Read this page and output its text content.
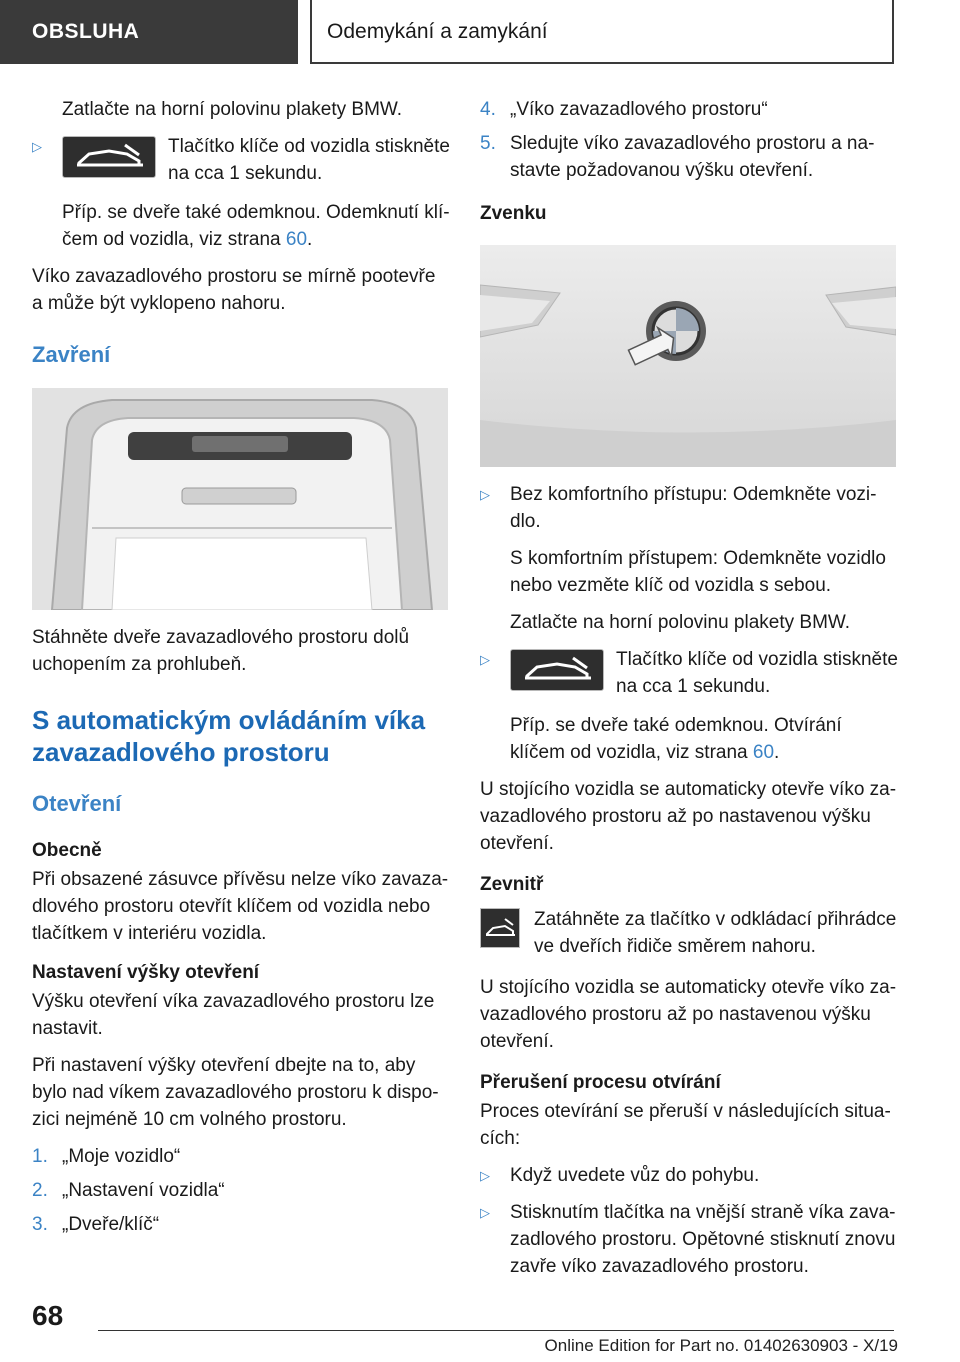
OBSLUHA	Odemykání a zamykání

Zatlačte na horní polovinu plakety BMW.

▷	Tlačítko klíče od vozidla stiskněte na cca 1 sekundu.

Příp. se dveře také odemknou. Odemknutí klíčem od vozidla, viz strana 60.

Víko zavazadlového prostoru se mírně pootevře a může být vyklopeno nahoru.

Zavření

Stáhněte dveře zavazadlového prostoru dolů uchopením za prohlubeň.

S automatickým ovládáním víka zavazadlového prostoru
Otevření
Obecně

Při obsazené zásuvce přívěsu nelze víko zavazadlového prostoru otevřít klíčem od vozidla nebo tlačítkem v interiéru vozidla.

Nastavení výšky otevření

Výšku otevření víka zavazadlového prostoru lze nastavit.

Při nastavení výšky otevření dbejte na to, aby bylo nad víkem zavazadlového prostoru k dispozici nejméně 10 cm volného prostoru.

1. „Moje vozidlo“
2. „Nastavení vozidla“
3. „Dveře/klíč“
4. „Víko zavazadlového prostoru“
5. Sledujte víko zavazadlového prostoru a nastavte požadovanou výšku otevření.
Zvenku
▷ Bez komfortního přístupu: Odemkněte vozidlo.

S komfortním přístupem: Odemkněte vozidlo nebo vezměte klíč od vozidla s sebou.

Zatlačte na horní polovinu plakety BMW.

▷	Tlačítko klíče od vozidla stiskněte na cca 1 sekundu.

Příp. se dveře také odemknou. Otvírání klíčem od vozidla, viz strana 60.

U stojícího vozidla se automaticky otevře víko zavazadlového prostoru až po nastavenou výšku otevření.

Zevnitř
Zatáhněte za tlačítko v odkládací přihrádce ve dveřích řidiče směrem nahoru.

U stojícího vozidla se automaticky otevře víko zavazadlového prostoru až po nastavenou výšku otevření.

Přerušení procesu otvírání

Proces otevírání se přeruší v následujících situacích:

▷ Když uvedete vůz do pohybu.
▷ Stisknutím tlačítka na vnější straně víka zavazadlového prostoru. Opětovné stisknutí znovu zavře víko zavazadlového prostoru.
68
Online Edition for Part no. 01402630903 - X/19
